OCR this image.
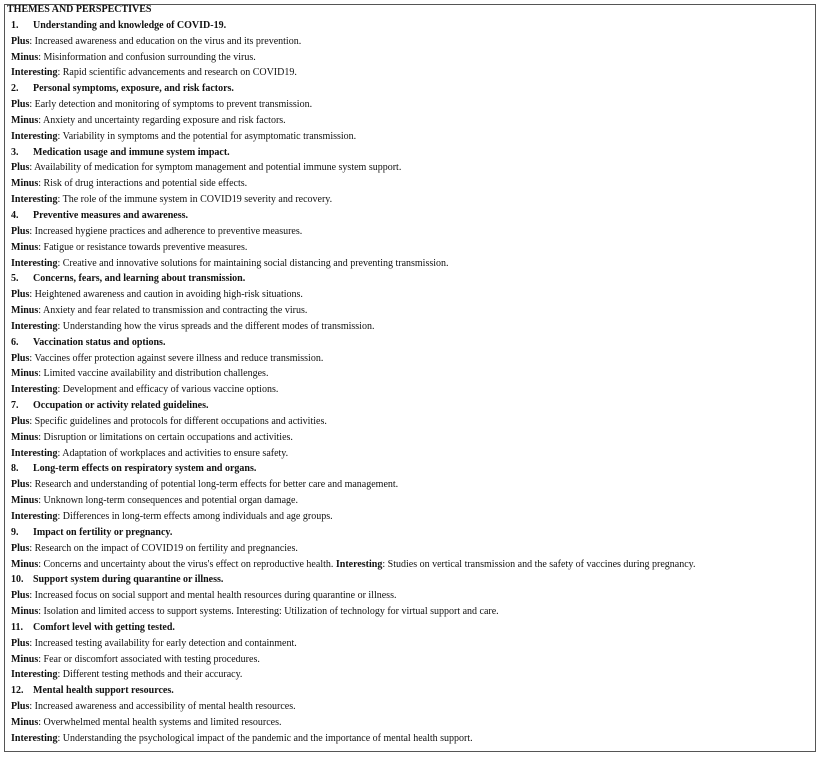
THEMES AND PERSPECTIVES
1. Understanding and knowledge of COVID-19.
Plus: Increased awareness and education on the virus and its prevention.
Minus: Misinformation and confusion surrounding the virus.
Interesting: Rapid scientific advancements and research on COVID19.
2. Personal symptoms, exposure, and risk factors.
Plus: Early detection and monitoring of symptoms to prevent transmission.
Minus: Anxiety and uncertainty regarding exposure and risk factors.
Interesting: Variability in symptoms and the potential for asymptomatic transmission.
3. Medication usage and immune system impact.
Plus: Availability of medication for symptom management and potential immune system support.
Minus: Risk of drug interactions and potential side effects.
Interesting: The role of the immune system in COVID19 severity and recovery.
4. Preventive measures and awareness.
Plus: Increased hygiene practices and adherence to preventive measures.
Minus: Fatigue or resistance towards preventive measures.
Interesting: Creative and innovative solutions for maintaining social distancing and preventing transmission.
5. Concerns, fears, and learning about transmission.
Plus: Heightened awareness and caution in avoiding high-risk situations.
Minus: Anxiety and fear related to transmission and contracting the virus.
Interesting: Understanding how the virus spreads and the different modes of transmission.
6. Vaccination status and options.
Plus: Vaccines offer protection against severe illness and reduce transmission.
Minus: Limited vaccine availability and distribution challenges.
Interesting: Development and efficacy of various vaccine options.
7. Occupation or activity related guidelines.
Plus: Specific guidelines and protocols for different occupations and activities.
Minus: Disruption or limitations on certain occupations and activities.
Interesting: Adaptation of workplaces and activities to ensure safety.
8. Long-term effects on respiratory system and organs.
Plus: Research and understanding of potential long-term effects for better care and management.
Minus: Unknown long-term consequences and potential organ damage.
Interesting: Differences in long-term effects among individuals and age groups.
9. Impact on fertility or pregnancy.
Plus: Research on the impact of COVID19 on fertility and pregnancies.
Minus: Concerns and uncertainty about the virus's effect on reproductive health. Interesting: Studies on vertical transmission and the safety of vaccines during pregnancy.
10. Support system during quarantine or illness.
Plus: Increased focus on social support and mental health resources during quarantine or illness.
Minus: Isolation and limited access to support systems. Interesting: Utilization of technology for virtual support and care.
11. Comfort level with getting tested.
Plus: Increased testing availability for early detection and containment.
Minus: Fear or discomfort associated with testing procedures.
Interesting: Different testing methods and their accuracy.
12. Mental health support resources.
Plus: Increased awareness and accessibility of mental health resources.
Minus: Overwhelmed mental health systems and limited resources.
Interesting: Understanding the psychological impact of the pandemic and the importance of mental health support.
